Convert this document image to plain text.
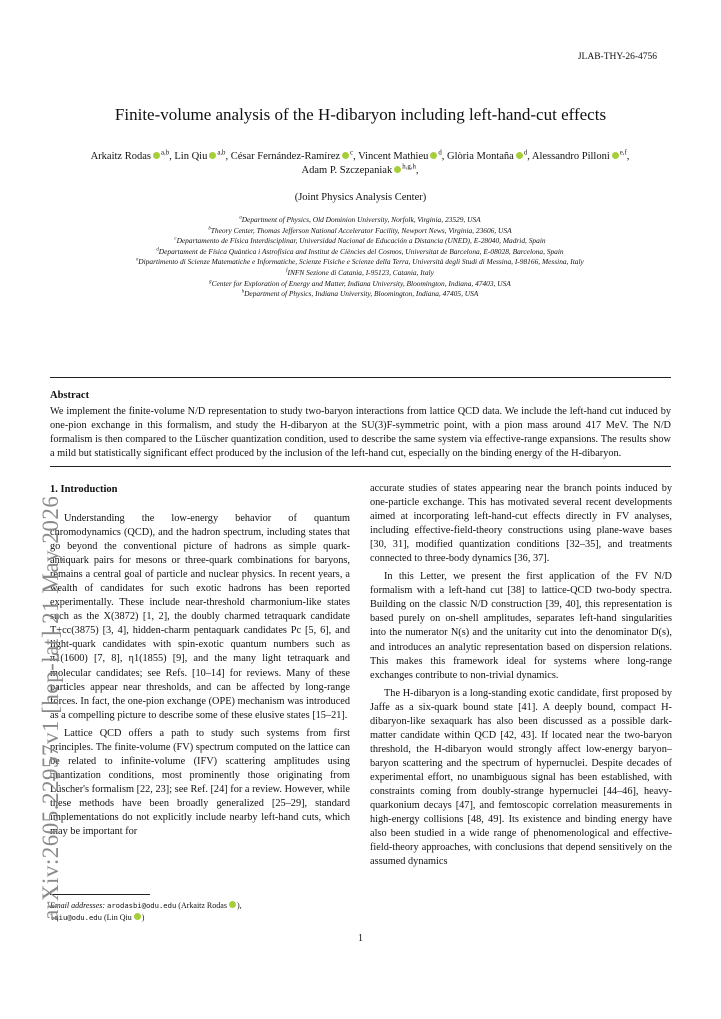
JLAB-THY-26-4756
Finite-volume analysis of the H-dibaryon including left-hand-cut effects
Arkaitz Rodas $^{a,b}$, Lin Qiu $^{a,b}$, César Fernández-Ramírez $^c$, Vincent Mathieu $^d$, Glòria Montaña $^d$, Alessandro Pilloni $^{e,f}$,
Adam P. Szczepaniak $^{h,g,h}$,
(Joint Physics Analysis Center)
$^a$Department of Physics, Old Dominion University, Norfolk, Virginia, 23529, USA
$^b$Theory Center, Thomas Jefferson National Accelerator Facility, Newport News, Virginia, 23606, USA
$^c$Departamento de Física Interdisciplinar, Universidad Nacional de Educación a Distancia (UNED), E-28040, Madrid, Spain
$^d$Departament de Física Quàntica i Astrofísica and Institut de Ciències del Cosmos, Universitat de Barcelona, E-08028, Barcelona, Spain
$^e$Dipartimento di Scienze Matematiche e Informatiche, Scienze Fisiche e Scienze della Terra, Università degli Studi di Messina, I-98166, Messina, Italy
$^f$INFN Sezione di Catania, I-95123, Catania, Italy
$^g$Center for Exploration of Energy and Matter, Indiana University, Bloomington, Indiana, 47403, USA
$^h$Department of Physics, Indiana University, Bloomington, Indiana, 47405, USA
Abstract
We implement the finite-volume N/D representation to study two-baryon interactions from lattice QCD data. We include the left-hand cut induced by one-pion exchange in this formalism, and study the H-dibaryon at the SU(3)F-symmetric point, with a pion mass around 417 MeV. The N/D formalism is then compared to the Lüscher quantization condition, used to describe the same system via effective-range expansions. The results show a mild but statistically significant effect produced by the inclusion of the left-hand cut, especially on the binding energy of the H-dibaryon.
1. Introduction

Understanding the low-energy behavior of quantum chromodynamics (QCD), and the hadron spectrum, including states that go beyond the conventional picture of hadrons as simple quark-antiquark pairs for mesons or three-quark combinations for baryons, remains a central goal of particle and nuclear physics. In recent years, a wealth of candidates for such exotic hadrons has been reported experimentally. These include near-threshold charmonium-like states such as the X(3872) [1, 2], the doubly charmed tetraquark candidate T+cc(3875) [3, 4], hidden-charm pentaquark candidates Pc [5, 6], and light-quark candidates with spin-exotic quantum numbers such as π1(1600) [7, 8], η1(1855) [9], and the many light tetraquark and molecular candidates; see Refs. [10–14] for reviews. Many of these particles appear near thresholds, and can be affected by long-range forces. In fact, the one-pion exchange (OPE) mechanism was introduced as a compelling picture to describe some of these elusive states [15–21].

Lattice QCD offers a path to study such systems from first principles. The finite-volume (FV) spectrum computed on the lattice can be related to infinite-volume (IFV) scattering amplitudes using quantization conditions, most prominently those originating from Lüscher's formalism [22, 23]; see Ref. [24] for a review. However, while these methods have been broadly generalized [25–29], standard implementations do not explicitly include nearby left-hand cuts, which may be important for

accurate studies of states appearing near the branch points induced by one-particle exchange. This has motivated several recent developments aimed at incorporating left-hand-cut effects directly in FV analyses, including effective-field-theory constructions using plane-wave bases [30, 31], modified quantization conditions [32–35], and treatments connected to three-body dynamics [36, 37].

In this Letter, we present the first application of the FV N/D formalism with a left-hand cut [38] to lattice-QCD two-body spectra. Building on the classic N/D construction [39, 40], this representation is based purely on on-shell amplitudes, separates left-hand singularities into the numerator N(s) and the unitarity cut into the denominator D(s), and introduces an analytic representation based on dispersion relations. This makes this framework ideal for systems where long-range exchanges contribute to non-trivial dynamics.

The H-dibaryon is a long-standing exotic candidate, first proposed by Jaffe as a six-quark bound state [41]. A deeply bound, compact H-dibaryon-like sexaquark has also been discussed as a possible dark-matter candidate within QCD [42, 43]. If located near the two-baryon threshold, the H-dibaryon would strongly affect low-energy baryon–baryon scattering and the spectrum of hypernuclei. Despite decades of experimental effort, no unambiguous signal has been established, with constraints coming from doubly-strange hypernuclei [44–46], heavy-quarkonium decays [47], and femtoscopic correlation measurements in high-energy collisions [48, 49]. Its existence and binding energy have also been studied in a wide range of phenomenological and effective-field-theory approaches, with conclusions that depend sensitively on the assumed dynamics

Email addresses: arodasbi@odu.edu (Arkaitz Rodas ),
lqiu@odu.edu (Lin Qiu )
1
arXiv:2605.22957v1 [hep-lat] 21 May 2026
